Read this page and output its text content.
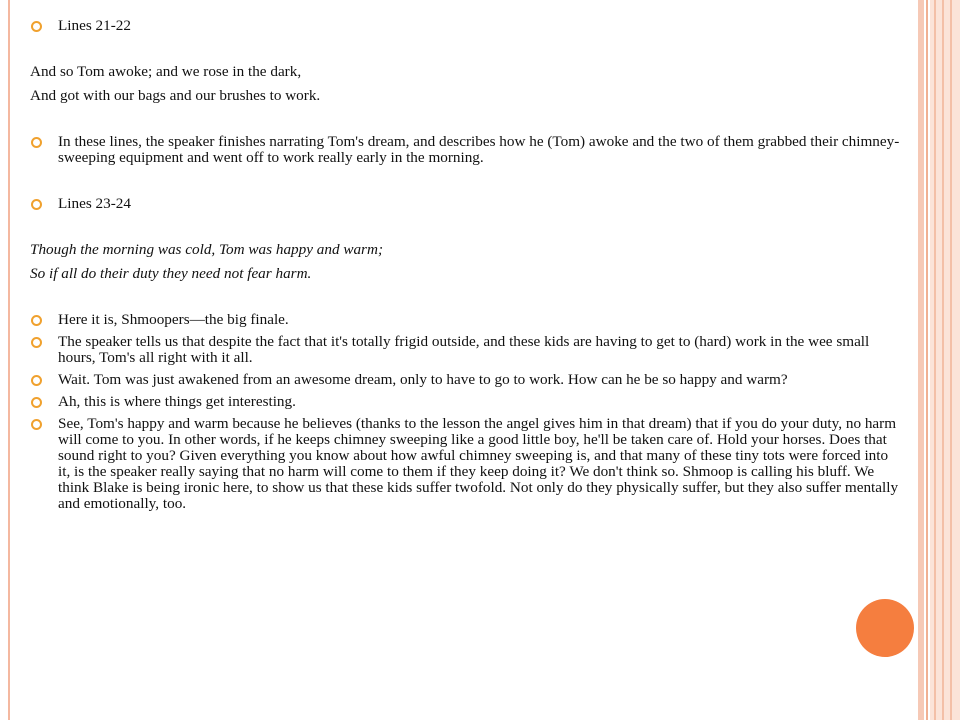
Lines 21-22
And so Tom awoke; and we rose in the dark,
And got with our bags and our brushes to work.
In these lines, the speaker finishes narrating Tom's dream, and describes how he (Tom) awoke and the two of them grabbed their chimney-sweeping equipment and went off to work really early in the morning.
Lines 23-24
Though the morning was cold, Tom was happy and warm;
So if all do their duty they need not fear harm.
Here it is, Shmoopers—the big finale.
The speaker tells us that despite the fact that it's totally frigid outside, and these kids are having to get to (hard) work in the wee small hours, Tom's all right with it all.
Wait. Tom was just awakened from an awesome dream, only to have to go to work. How can he be so happy and warm?
Ah, this is where things get interesting.
See, Tom's happy and warm because he believes (thanks to the lesson the angel gives him in that dream) that if you do your duty, no harm will come to you. In other words, if he keeps chimney sweeping like a good little boy, he'll be taken care of. Hold your horses. Does that sound right to you? Given everything you know about how awful chimney sweeping is, and that many of these tiny tots were forced into it, is the speaker really saying that no harm will come to them if they keep doing it? We don't think so. Shmoop is calling his bluff. We think Blake is being ironic here, to show us that these kids suffer twofold. Not only do they physically suffer, but they also suffer mentally and emotionally, too.
